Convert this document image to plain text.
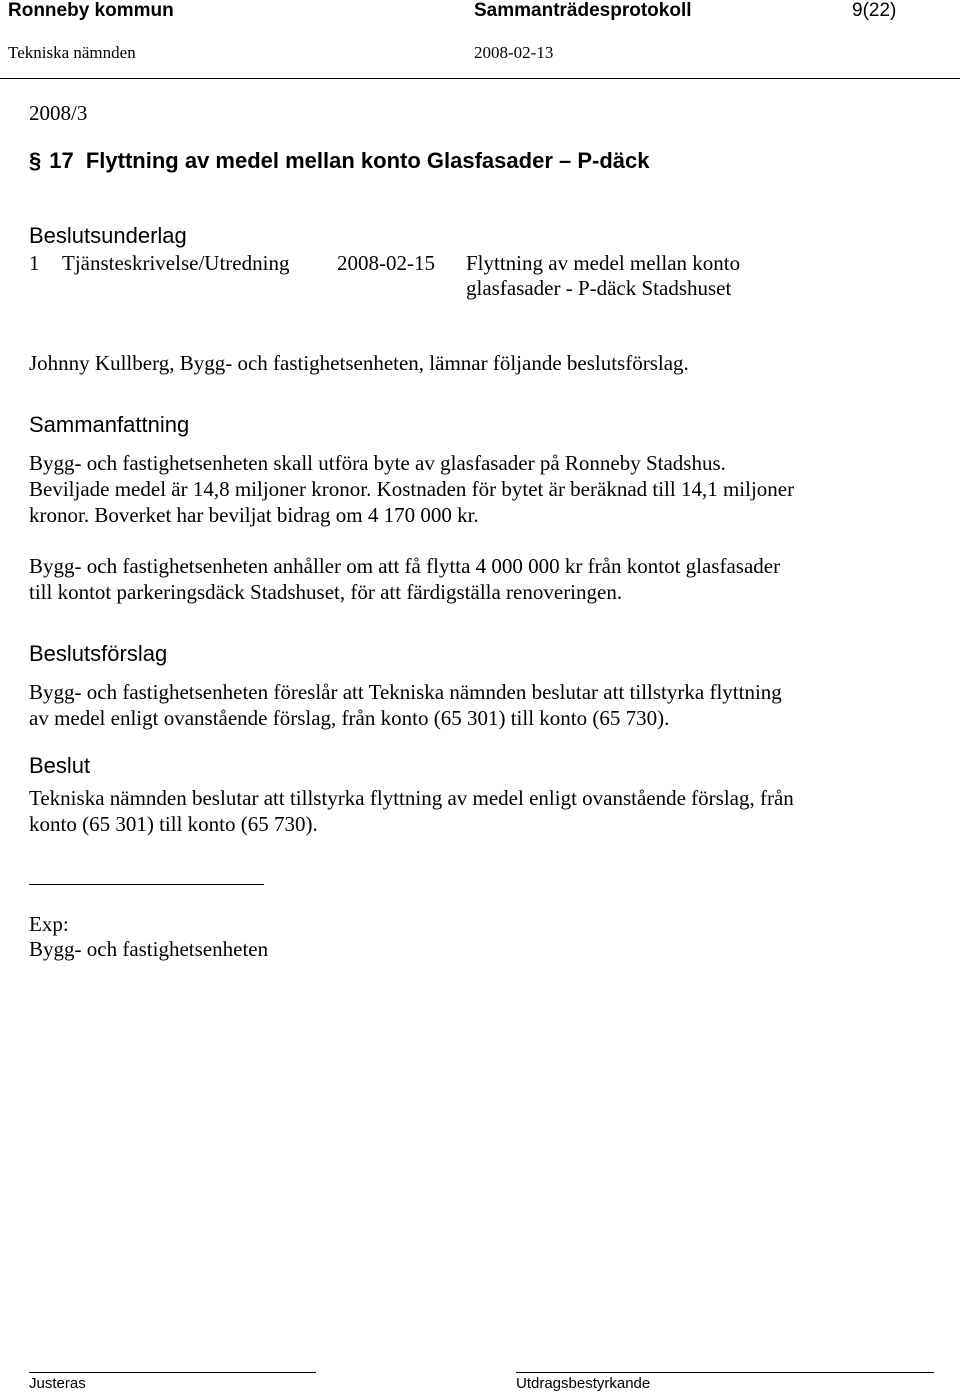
Ronneby kommun	Sammanträdesprotokoll	9(22)
Tekniska nämnden	2008-02-13
2008/3
§ 17 Flyttning av medel mellan konto Glasfasader – P-däck
Beslutsunderlag
1 Tjänsteskrivelse/Utredning 2008-02-15 Flyttning av medel mellan konto
glasfasader - P-däck Stadshuset
Johnny Kullberg, Bygg- och fastighetsenheten, lämnar följande beslutsförslag.
Sammanfattning

Bygg- och fastighetsenheten skall utföra byte av glasfasader på Ronneby Stadshus.

Beviljade medel är 14,8 miljoner kronor. Kostnaden för bytet är beräknad till 14,1 miljoner

kronor. Boverket har beviljat bidrag om 4 170 000 kr.

Bygg- och fastighetsenheten anhåller om att få flytta 4 000 000 kr från kontot glasfasader

till kontot parkeringsdäck Stadshuset, för att färdigställa renoveringen.

Beslutsförslag

Bygg- och fastighetsenheten föreslår att Tekniska nämnden beslutar att tillstyrka flyttning

av medel enligt ovanstående förslag, från konto (65 301) till konto (65 730).

Beslut

Tekniska nämnden beslutar att tillstyrka flyttning av medel enligt ovanstående förslag, från

konto (65 301) till konto (65 730).

Exp:
Bygg- och fastighetsenheten
Justeras	Utdragsbestyrkande
